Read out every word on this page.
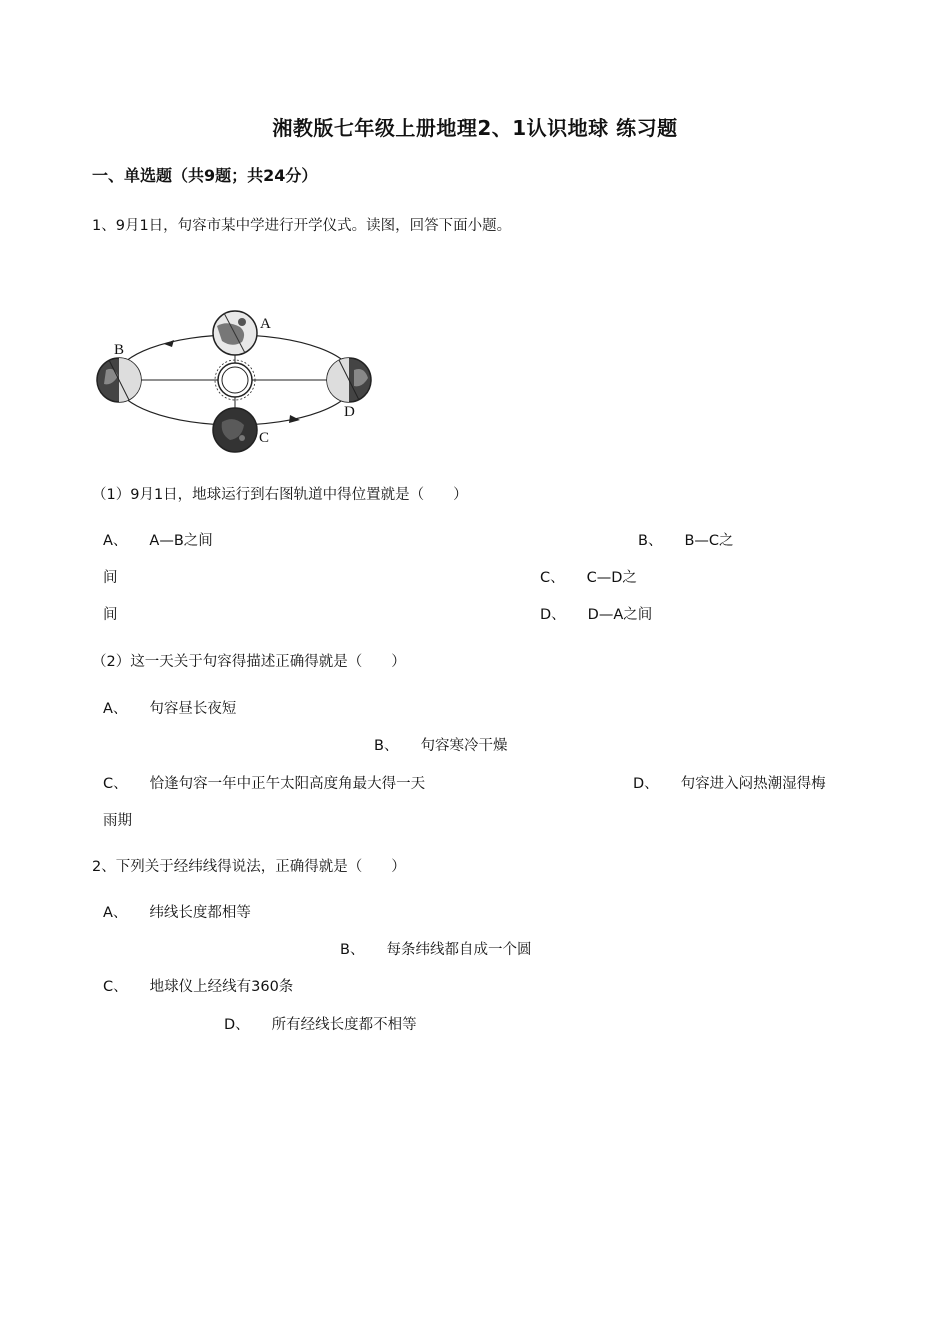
湘教版七年级上册地理2、1认识地球 练习题
一、单选题（共9题；共24分）
1、9月1日，句容市某中学进行开学仪式。读图，回答下面小题。
A
B
C
D
（1）9月1日，地球运行到右图轨道中得位置就是（　　）
A、 A—B之间	B、 B—C之
间	C、 C—D之
间	D、 D—A之间
（2）这一天关于句容得描述正确得就是（　　）
A、 句容昼长夜短
B、 句容寒冷干燥
C、 恰逢句容一年中正午太阳高度角最大得一天	D、 句容进入闷热潮湿得梅
雨期
2、下列关于经纬线得说法，正确得就是（　　）
A、 纬线长度都相等
B、 每条纬线都自成一个圆
C、 地球仪上经线有360条
D、 所有经线长度都不相等
